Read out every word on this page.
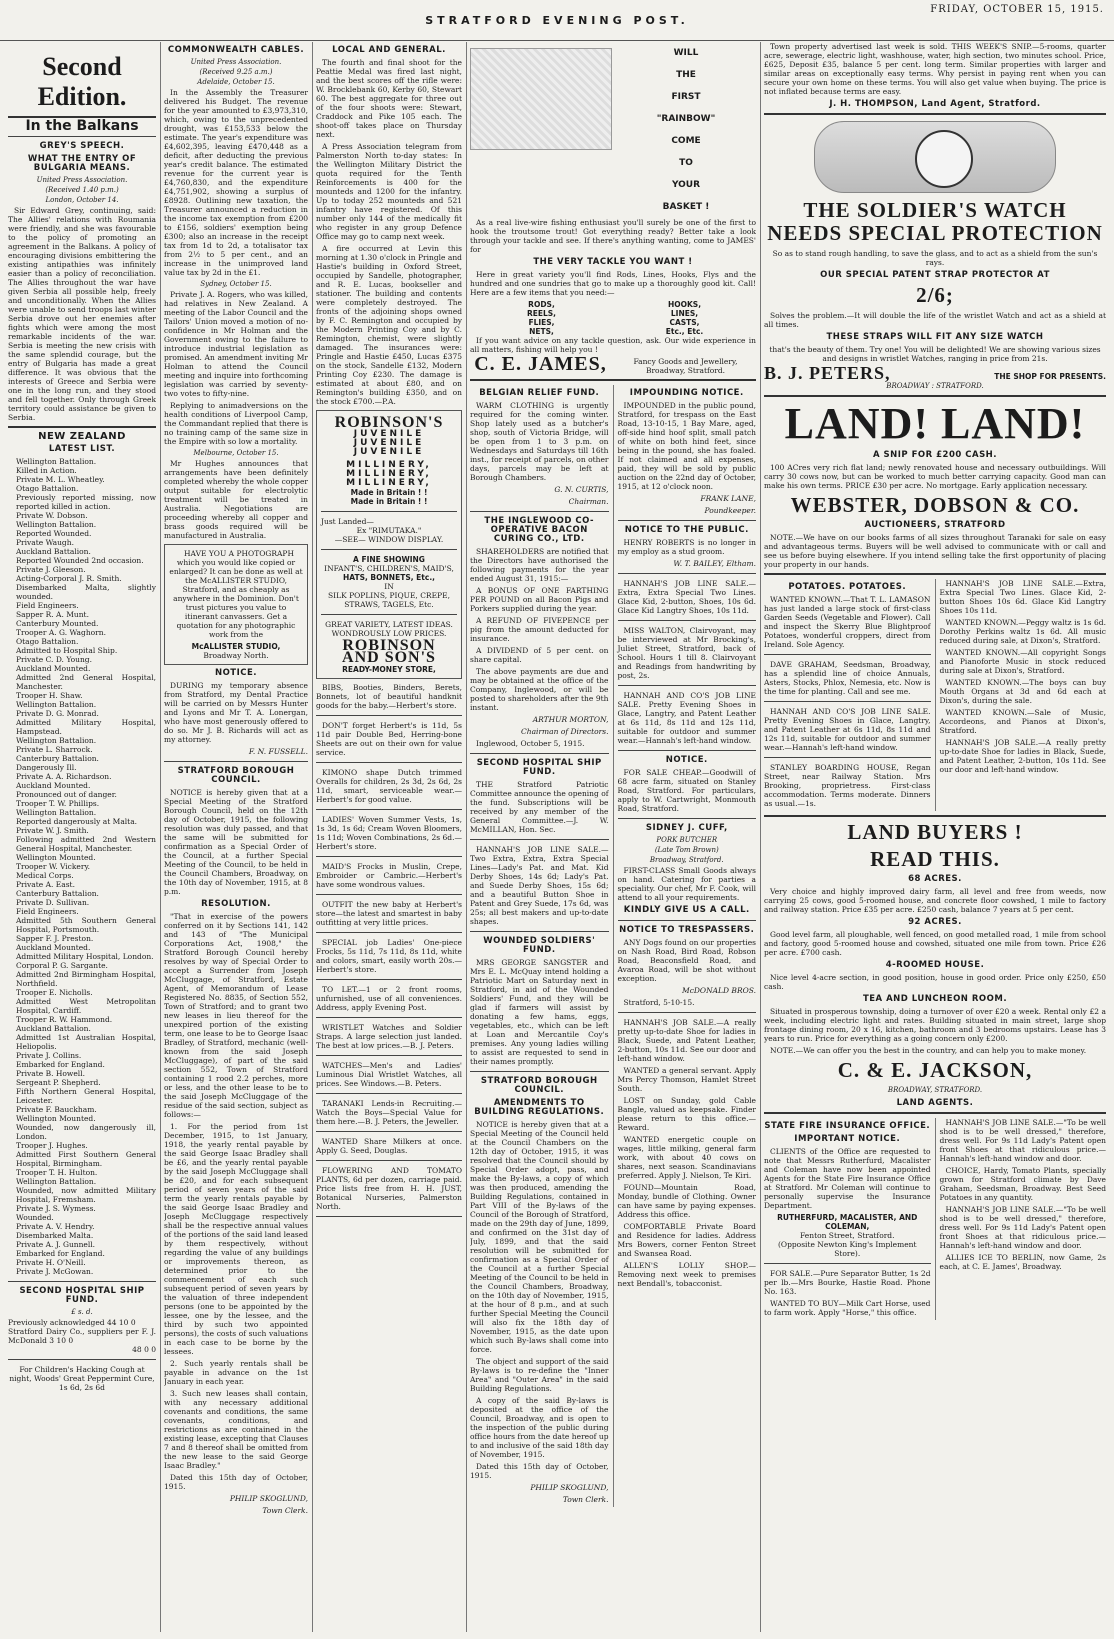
STRATFORD EVENING POST.
FRIDAY, OCTOBER 15, 1915.
Second Edition.
In the Balkans
GREY'S SPEECH.
WHAT THE ENTRY OF BULGARIA MEANS.
United Press Association.
(Received 1.40 p.m.)
London, October 14.

Sir Edward Grey, continuing, said: The Allies' relations with Roumania were friendly, and she was favourable to the policy of promoting an agreement in the Balkans. A policy of encouraging divisions embittering the existing antipathies was infinitely easier than a policy of reconciliation. The Allies throughout the war have given Serbia all possible help, freely and unconditionally. When the Allies were unable to send troops last winter Serbia drove out her enemies after fights which were among the most remarkable incidents of the war. Serbia is meeting the new crisis with the same splendid courage, but the entry of Bulgaria has made a great difference. It was obvious that the interests of Greece and Serbia were one in the long run, and they stood and fell together. Only through Greek territory could assistance be given to Serbia.

NEW ZEALAND
LATEST LIST.
Wellington Battalion.
Killed in Action.
Private M. L. Wheatley.
Otago Battalion.
Previously reported missing, now reported killed in action.
Private W. Dobson.
Wellington Battalion.
Reported Wounded.
Private Waugh.
Auckland Battalion.
Reported Wounded 2nd occasion.
Private J. Gleeson.
Acting-Corporal J. R. Smith.
Disembarked Malta, slightly wounded.
Field Engineers.
Sapper R. A. Munt.
Canterbury Mounted.
Trooper A. G. Waghorn.
Otago Battalion.
Admitted to Hospital Ship.
Private C. D. Young.
Auckland Mounted.
Admitted 2nd General Hospital, Manchester.
Trooper H. Shaw.
Wellington Battalion.
Private D. G. Monrad.
Admitted Military Hospital, Hampstead.
Wellington Battalion.
Private L. Sharrock.
Canterbury Battalion.
Dangerously Ill.
Private A. A. Richardson.
Auckland Mounted.
Pronounced out of danger.
Trooper T. W. Phillips.
Wellington Battalion.
Reported dangerously at Malta.
Private W. J. Smith.
Following admitted 2nd Western General Hospital, Manchester.
Wellington Mounted.
Trooper W. Vickery.
Medical Corps.
Private A. East.
Canterbury Battalion.
Private D. Sullivan.
Field Engineers.
Admitted 5th Southern General Hospital, Portsmouth.
Sapper F. J. Preston.
Auckland Mounted.
Admitted Military Hospital, London.
Corporal P. G. Sargante.
Admitted 2nd Birmingham Hospital, Northfield.
Trooper E. Nicholls.
Admitted West Metropolitan Hospital, Cardiff.
Trooper R. W. Hammond.
Auckland Battalion.
Admitted 1st Australian Hospital, Heliopolis.
Private J. Collins.
Embarked for England.
Private B. Howell.
Sergeant P. Shepherd.
Fifth Northern General Hospital, Leicester.
Private F. Bauckham.
Wellington Mounted.
Wounded, now dangerously ill, London.
Trooper J. Hughes.
Admitted First Southern General Hospital, Birmingham.
Trooper T. H. Hulton.
Wellington Battalion.
Wounded, now admitted Military Hospital, Fremsham.
Private J. S. Wymess.
Wounded.
Private A. V. Hendry.
Disembarked Malta.
Private A. J. Gunnell.
Embarked for England.
Private H. O'Neill.
Private J. McGowan.
SECOND HOSPITAL SHIP FUND.
£ s. d.
Previously acknowledged 44 10 0
Stratford Dairy Co., suppliers per F. J. McDonald 3 10 0
48 0 0

For Children's Hacking Cough at night, Woods' Great Peppermint Cure, 1s 6d, 2s 6d

COMMONWEALTH CABLES.
United Press Association.
(Received 9.25 a.m.)
Adelaide, October 15.

In the Assembly the Treasurer delivered his Budget. The revenue for the year amounted to £3,973,310, which, owing to the unprecedented drought, was £153,533 below the estimate. The year's expenditure was £4,602,395, leaving £470,448 as a deficit, after deducting the previous year's credit balance. The estimated revenue for the current year is £4,760,830, and the expenditure £4,751,902, showing a surplus of £8928. Outlining new taxation, the Treasurer announced a reduction in the income tax exemption from £200 to £156, soldiers' exemption being £300; also an increase in the receipt tax from 1d to 2d, a totalisator tax from 2½ to 5 per cent., and an increase in the unimproved land value tax by 2d in the £1.

Sydney, October 15.

Private J. A. Rogers, who was killed, had relatives in New Zealand. A meeting of the Labor Council and the Tailors' Union moved a motion of no-confidence in Mr Holman and the Government owing to the failure to introduce industrial legislation as promised. An amendment inviting Mr Holman to attend the Council meeting and inquire into forthcoming legislation was carried by seventy-two votes to fifty-nine.

Replying to animadversions on the health conditions of Liverpool Camp, the Commandant replied that there is no training camp of the same size in the Empire with so low a mortality.

Melbourne, October 15.

Mr Hughes announces that arrangements have been definitely completed whereby the whole copper output suitable for electrolytic treatment will be treated in Australia. Negotiations are proceeding whereby all copper and brass goods required will be manufactured in Australia.

HAVE YOU A PHOTOGRAPH which you would like copied or enlarged? It can be done as well at the McALLISTER STUDIO, Stratford, and as cheaply as anywhere in the Dominion. Don't trust pictures you value to itinerant canvassers. Get a quotation for any photographic work from the

McALLISTER STUDIO,
Broadway North.
NOTICE.

DURING my temporary absence from Stratford, my Dental Practice will be carried on by Messrs Hunter and Lyons and Mr T. A. Lonergan, who have most generously offered to do so. Mr J. B. Richards will act as my attorney.

F. N. FUSSELL.

STRATFORD BOROUGH COUNCIL.

NOTICE is hereby given that at a Special Meeting of the Stratford Borough Council, held on the 12th day of October, 1915, the following resolution was duly passed, and that the same will be submitted for confirmation as a Special Order of the Council, at a further Special Meeting of the Council, to be held in the Council Chambers, Broadway, on the 10th day of November, 1915, at 8 p.m.

RESOLUTION.

"That in exercise of the powers conferred on it by Sections 141, 142 and 143 of "The Municipal Corporations Act, 1908," the Stratford Borough Council hereby resolves by way of Special Order to accept a Surrender from Joseph McCluggage, of Stratford, Estate Agent, of Memorandum of Lease Registered No. 8835, of Section 552, Town of Stratford; and to grant two new leases in lieu thereof for the unexpired portion of the existing term, one lease to be to George Isaac Bradley, of Stratford, mechanic (well-known from the said Joseph McCluggage), of part of the said section 552, Town of Stratford containing 1 rood 2.2 perches, more or less, and the other lease to be to the said Joseph McCluggage of the residue of the said section, subject as follows:—

1. For the period from 1st December, 1915, to 1st January, 1918, the yearly rental payable by the said George Isaac Bradley shall be £6, and the yearly rental payable by the said Joseph McCluggage shall be £20, and for each subsequent period of seven years of the said term the yearly rentals payable by the said George Isaac Bradley and Joseph McCluggage respectively shall be the respective annual values of the portions of the said land leased by them respectively, without regarding the value of any buildings or improvements thereon, as determined prior to the commencement of each such subsequent period of seven years by the valuation of three independent persons (one to be appointed by the lessee, one by the lessee, and the third by such two appointed persons), the costs of such valuations in each case to be borne by the lessees.

2. Such yearly rentals shall be payable in advance on the 1st January in each year.

3. Such new leases shall contain, with any necessary additional covenants and conditions, the same covenants, conditions, and restrictions as are contained in the existing lease, excepting that Clauses 7 and 8 thereof shall be omitted from the new lease to the said George Isaac Bradley."

Dated this 15th day of October, 1915.

PHILIP SKOGLUND,

Town Clerk.

LOCAL AND GENERAL.

The fourth and final shoot for the Peattie Medal was fired last night, and the best scores off the rifle were: W. Brocklebank 60, Kerby 60, Stewart 60. The best aggregate for three out of the four shoots were: Stewart, Craddock and Pike 105 each. The shoot-off takes place on Thursday next.

A Press Association telegram from Palmerston North to-day states: In the Wellington Military District the quota required for the Tenth Reinforcements is 400 for the mounteds and 1200 for the infantry. Up to today 252 mounteds and 521 infantry have registered. Of this number only 144 of the medically fit who register in any group Defence Office may go to camp next week.

A fire occurred at Levin this morning at 1.30 o'clock in Pringle and Hastie's building in Oxford Street, occupied by Sandelle, photographer, and R. E. Lucas, bookseller and stationer. The building and contents were completely destroyed. The fronts of the adjoining shops owned by F. C. Remington and occupied by the Modern Printing Coy and by C. Remington, chemist, were slightly damaged. The insurances were: Pringle and Hastie £450, Lucas £375 on the stock, Sandelle £132, Modern Printing Coy £230. The damage is estimated at about £80, and on Remington's building £350, and on the stock £700.—P.A.

ROBINSON'S
JUVENILE
JUVENILE
JUVENILE
MILLINERY,
MILLINERY,
MILLINERY,
Made in Britain ! !
Made in Britain ! !
Just Landed—
Ex "RIMUTAKA."
—SEE— WINDOW DISPLAY.
A FINE SHOWING
INFANT'S, CHILDREN'S, MAID'S,
HATS, BONNETS, Etc.,
IN
SILK POPLINS, PIQUE, CREPE, STRAWS, TAGELS, Etc.
GREAT VARIETY, LATEST IDEAS. WONDROUSLY LOW PRICES.
ROBINSON
AND SON'S
READY-MONEY STORE,

BIBS, Booties, Binders, Berets, Bonnets, lot of beautiful handknit goods for the baby.—Herbert's store.

DON'T forget Herbert's is 11d, 5s 11d pair Double Bed, Herring-bone Sheets are out on their own for value service.

KIMONO shape Dutch trimmed Overalls for children, 2s 3d, 2s 6d, 2s 11d, smart, serviceable wear.—Herbert's for good value.

LADIES' Woven Summer Vests, 1s, 1s 3d, 1s 6d; Cream Woven Bloomers, 1s 11d; Woven Combinations, 2s 6d.—Herbert's store.

MAID'S Frocks in Muslin, Crepe, Embroider or Cambric.—Herbert's have some wondrous values.

OUTFIT the new baby at Herbert's store—the latest and smartest in baby outfitting at very little prices.

SPECIAL job Ladies' One-piece Frocks, 5s 11d, 7s 11d, 8s 11d, white and colors, smart, easily worth 20s.—Herbert's store.

TO LET.—1 or 2 front rooms, unfurnished, use of all conveniences. Address, apply Evening Post.

WRISTLET Watches and Soldier Straps. A large selection just landed. The best at low prices.—B. J. Peters.

WATCHES—Men's and Ladies' Luminous Dial Wristlet Watches, all prices. See Windows.—B. Peters.

TARANAKI Lends-in Recruiting.—Watch the Boys—Special Value for them here.—B. J. Peters, the Jeweller.

WANTED Share Milkers at once. Apply G. Seed, Douglas.

FLOWERING AND TOMATO PLANTS, 6d per dozen, carriage paid. Price lists free from H. H. JUST, Botanical Nurseries, Palmerston North.

WILL
THE
FIRST
"RAINBOW"
COME
TO
YOUR
BASKET !

As a real live-wire fishing enthusiast you'll surely be one of the first to hook the troutsome trout! Got everything ready? Better take a look through your tackle and see. If there's anything wanting, come to JAMES' for

THE VERY TACKLE YOU WANT !

Here in great variety you'll find Rods, Lines, Hooks, Flys and the hundred and one sundries that go to make up a thoroughly good kit. Call! Here are a few items that you need:—

RODS,	HOOKS,
REELS,	LINES,
FLIES,	CASTS,
NETS,	Etc., Etc.

If you want advice on any tackle question, ask. Our wide experience in all matters, fishing will help you !

C. E. JAMES,	Fancy Goods and Jewellery, Broadway, Stratford.
BELGIAN RELIEF FUND.

WARM CLOTHING is urgently required for the coming winter. Shop lately used as a butcher's shop, south of Victoria Bridge, will be open from 1 to 3 p.m. on Wednesdays and Saturdays till 16th inst., for receipt of parcels, on other days, parcels may be left at Borough Chambers.

G. N. CURTIS,

Chairman.

THE INGLEWOOD CO-OPERATIVE BACON CURING CO., LTD.

SHAREHOLDERS are notified that the Directors have authorised the following payments for the year ended August 31, 1915:—

A BONUS OF ONE FARTHING PER POUND on all Bacon Pigs and Porkers supplied during the year.

A REFUND OF FIVEPENCE per pig from the amount deducted for insurance.

A DIVIDEND of 5 per cent. on share capital.

The above payments are due and may be obtained at the office of the Company, Inglewood, or will be posted to shareholders after the 9th instant.

ARTHUR MORTON,

Chairman of Directors.

Inglewood, October 5, 1915.

SECOND HOSPITAL SHIP FUND.

THE Stratford Patriotic Committee announce the opening of the fund. Subscriptions will be received by any member of the General Committee.—J. W. McMILLAN, Hon. Sec.

HANNAH'S JOB LINE SALE.—Two Extra, Extra, Extra Special Lines—Lady's Pat. and Mat. Kid Derby Shoes, 14s 6d; Lady's Pat. and Suede Derby Shoes, 15s 6d; and a beautiful Button Shoe in Patent and Grey Suede, 17s 6d, was 25s; all best makers and up-to-date shapes.

WOUNDED SOLDIERS' FUND.

MRS GEORGE SANGSTER and Mrs E. L. McQuay intend holding a Patriotic Mart on Saturday next in Stratford, in aid of the Wounded Soldiers' Fund, and they will be glad if farmers will assist by donating a few hams, eggs, vegetables, etc., which can be left at Loan and Mercantile Coy's premises. Any young ladies willing to assist are requested to send in their names promptly.

STRATFORD BOROUGH COUNCIL.
AMENDMENTS TO BUILDING REGULATIONS.

NOTICE is hereby given that at a Special Meeting of the Council held at the Council Chambers on the 12th day of October, 1915, it was resolved that the Council should by Special Order adopt, pass, and make the By-laws, a copy of which was then produced, amending the Building Regulations, contained in Part VIII of the By-laws of the Council of the Borough of Stratford, made on the 29th day of June, 1899, and confirmed on the 31st day of July, 1899, and that the said resolution will be submitted for confirmation as a Special Order of the Council at a further Special Meeting of the Council to be held in the Council Chambers, Broadway, on the 10th day of November, 1915, at the hour of 8 p.m., and at such further Special Meeting the Council will also fix the 18th day of November, 1915, as the date upon which such By-laws shall come into force.

The object and support of the said By-laws is to re-define the "Inner Area" and "Outer Area" in the said Building Regulations.

A copy of the said By-laws is deposited at the office of the Council, Broadway, and is open to the inspection of the public during office hours from the date hereof up to and inclusive of the said 18th day of November, 1915.

Dated this 15th day of October, 1915.

PHILIP SKOGLUND,

Town Clerk.

IMPOUNDING NOTICE.

IMPOUNDED in the public pound, Stratford, for trespass on the East Road, 13-10-15, 1 Bay Mare, aged, off-side hind hoof split, small patch of white on both hind feet, since being in the pound, she has foaled. If not claimed and all expenses, paid, they will be sold by public auction on the 22nd day of October, 1915, at 12 o'clock noon.

FRANK LANE,

Poundkeeper.

NOTICE TO THE PUBLIC.

HENRY ROBERTS is no longer in my employ as a stud groom.

W. T. BAILEY, Eltham.

HANNAH'S JOB LINE SALE.—Extra, Extra Special Two Lines. Glace Kid, 2-button, Shoes, 10s 6d. Glace Kid Langtry Shoes, 10s 11d.

MISS WALTON, Clairvoyant, may be interviewed at Mr Brocking's, Juliet Street, Stratford, back of School. Hours 1 till 8. Clairvoyant and Readings from handwriting by post, 2s.

HANNAH AND CO'S JOB LINE SALE. Pretty Evening Shoes in Glace, Langtry, and Patent Leather at 6s 11d, 8s 11d and 12s 11d, suitable for outdoor and summer wear.—Hannah's left-hand window.

NOTICE.

FOR SALE CHEAP.—Goodwill of 68 acre farm, situated on Stanley Road, Stratford. For particulars, apply to W. Cartwright, Monmouth Road, Stratford.

SIDNEY J. CUFF,
PORK BUTCHER
(Late Tom Brown)
Broadway, Stratford.

FIRST-CLASS Small Goods always on hand. Catering for parties a speciality. Our chef, Mr F. Cook, will attend to all your requirements.

KINDLY GIVE US A CALL.
NOTICE TO TRESPASSERS.

ANY Dogs found on our properties on Nash Road, Bird Road, Robson Road, Beaconsfield Road, and Avaroa Road, will be shot without exception.

McDONALD BROS.

Stratford, 5-10-15.

HANNAH'S JOB SALE.—A really pretty up-to-date Shoe for ladies in Black, Suede, and Patent Leather, 2-button, 10s 11d. See our door and left-hand window.

WANTED a general servant. Apply Mrs Percy Thomson, Hamlet Street South.

LOST on Sunday, gold Cable Bangle, valued as keepsake. Finder please return to this office.—Reward.

WANTED energetic couple on wages, little milking, general farm work, with about 40 cows on shares, next season. Scandinavians preferred. Apply J. Nielson, Te Kiri.

FOUND—Mountain Road, Monday, bundle of Clothing. Owner can have same by paying expenses. Address this office.

COMFORTABLE Private Board and Residence for ladies. Address Mrs Bowers, corner Fenton Street and Swansea Road.

ALLEN'S LOLLY SHOP.—Removing next week to premises next Bendall's, tobacconist.

Town property advertised last week is sold. THIS WEEK'S SNIP.—5-rooms, quarter acre, sewerage, electric light, washhouse, water, high section, two minutes school. Price, £625, Deposit £35, balance 5 per cent. long term. Similar properties with larger and similar areas on exceptionally easy terms. Why persist in paying rent when you can secure your own home on these terms. You will also get value when buying. The price is not inflated because terms are easy.

J. H. THOMPSON, Land Agent, Stratford.
THE SOLDIER'S WATCH NEEDS SPECIAL PROTECTION

So as to stand rough handling, to save the glass, and to act as a shield from the sun's rays.

OUR SPECIAL PATENT STRAP PROTECTOR AT
2/6;

Solves the problem.—It will double the life of the wristlet Watch and act as a shield at all times.

THESE STRAPS WILL FIT ANY SIZE WATCH

that's the beauty of them. Try one! You will be delighted! We are showing various sizes and designs in wristlet Watches, ranging in price from 21s.

B. J. PETERS,	THE SHOP FOR PRESENTS.
BROADWAY : STRATFORD.
LAND! LAND!
A SNIP FOR £200 CASH.

100 ACres very rich flat land; newly renovated house and necessary outbuildings. Will carry 30 cows now, but can be worked to much better carrying capacity. Good man can make his own terms. PRICE £30 per acre. No mortgage. Early application necessary.

WEBSTER, DOBSON & CO.
AUCTIONEERS, STRATFORD

NOTE.—We have on our books farms of all sizes throughout Taranaki for sale on easy and advantageous terms. Buyers will be well advised to communicate with or call and see us before buying elsewhere. If you intend selling take the first opportunity of placing your property in our hands.

POTATOES. POTATOES.

WANTED KNOWN.—That T. L. LAMASON has just landed a large stock of first-class Garden Seeds (Vegetable and Flower). Call and inspect the Skerry Blue Blightproof Potatoes, wonderful croppers, direct from Ireland. Sole Agency.

DAVE GRAHAM, Seedsman, Broadway, has a splendid line of choice Annuals, Asters, Stocks, Phlox, Nemesia, etc. Now is the time for planting. Call and see me.

HANNAH AND CO'S JOB LINE SALE. Pretty Evening Shoes in Glace, Langtry, and Patent Leather at 6s 11d, 8s 11d and 12s 11d, suitable for outdoor and summer wear.—Hannah's left-hand window.

STANLEY BOARDING HOUSE, Regan Street, near Railway Station. Mrs Brooking, proprietress. First-class accommodation. Terms moderate. Dinners as usual.—1s.

HANNAH'S JOB LINE SALE.—Extra, Extra Special Two Lines. Glace Kid, 2-button Shoes 10s 6d. Glace Kid Langtry Shoes 10s 11d.

WANTED KNOWN.—Peggy waltz is 1s 6d. Dorothy Perkins waltz 1s 6d. All music reduced during sale, at Dixon's, Stratford.

WANTED KNOWN.—All copyright Songs and Pianoforte Music in stock reduced during sale at Dixon's, Stratford.

WANTED KNOWN.—The boys can buy Mouth Organs at 3d and 6d each at Dixon's, during the sale.

WANTED KNOWN.—Sale of Music, Accordeons, and Pianos at Dixon's, Stratford.

HANNAH'S JOB SALE.—A really pretty up-to-date Shoe for ladies in Black, Suede, and Patent Leather, 2-button, 10s 11d. See our door and left-hand window.

LAND BUYERS !
READ THIS.
68 ACRES.

Very choice and highly improved dairy farm, all level and free from weeds, now carrying 25 cows, good 5-roomed house, and concrete floor cowshed, 1 mile to factory and railway station. Price £35 per acre. £250 cash, balance 7 years at 5 per cent.

92 ACRES.

Good level farm, all ploughable, well fenced, on good metalled road, 1 mile from school and factory, good 5-roomed house and cowshed, situated one mile from town. Price £26 per acre. £700 cash.

4-ROOMED HOUSE.

Nice level 4-acre section, in good position, house in good order. Price only £250, £50 cash.

TEA AND LUNCHEON ROOM.

Situated in prosperous township, doing a turnover of over £20 a week. Rental only £2 a week, including electric light and rates. Building situated in main street, large shop frontage dining room, 20 x 16, kitchen, bathroom and 3 bedrooms upstairs. Lease has 3 years to run. Price for everything as a going concern only £200.

NOTE.—We can offer you the best in the country, and can help you to make money.

C. & E. JACKSON,
BROADWAY, STRATFORD.
LAND AGENTS.
STATE FIRE INSURANCE OFFICE.
IMPORTANT NOTICE.

CLIENTS of the Office are requested to note that Messrs Rutherfurd, Macalister and Coleman have now been appointed Agents for the State Fire Insurance Office at Stratford. Mr Coleman will continue to personally supervise the Insurance Department.

RUTHERFURD, MACALISTER, AND COLEMAN,
Fenton Street, Stratford.
(Opposite Newton King's Implement Store).

FOR SALE.—Pure Separator Butter, 1s 2d per lb.—Mrs Bourke, Hastie Road. Phone No. 163.

WANTED TO BUY—Milk Cart Horse, used to farm work. Apply "Horse," this office.

HANNAH'S JOB LINE SALE.—"To be well shod is to be well dressed," therefore, dress well. For 9s 11d Lady's Patent open front Shoes at that ridiculous price.—Hannah's left-hand window and door.

CHOICE, Hardy, Tomato Plants, specially grown for Stratford climate by Dave Graham, Seedsman, Broadway. Best Seed Potatoes in any quantity.

HANNAH'S JOB LINE SALE.—"To be well shod is to be well dressed," therefore, dress well. For 9s 11d Lady's Patent open front Shoes at that ridiculous price.—Hannah's left-hand window and door.

ALLIES ICE TO BERLIN, now Game, 2s each, at C. E. James', Broadway.
